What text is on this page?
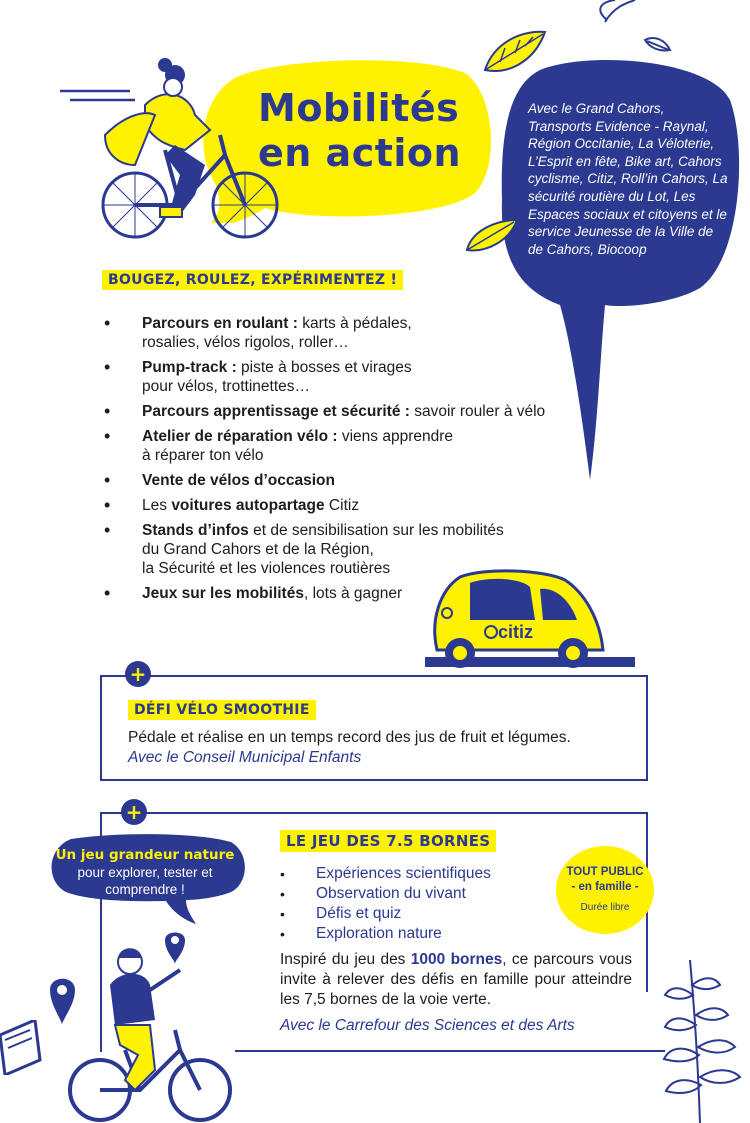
Mobilités
en action
Avec le Grand Cahors, Transports Evidence - Raynal, Région Occitanie, La Véloterie, L’Esprit en fête, Bike art, Cahors cyclisme, Citiz, Roll’in Cahors, La sécurité routière du Lot, Les Espaces sociaux et citoyens et le service Jeunesse de la Ville de de Cahors, Biocoop
BOUGEZ, ROULEZ, EXPÉRIMENTEZ !
• Parcours en roulant : karts à pédales,
rosalies, vélos rigolos, roller…
• Pump-track : piste à bosses et virages
pour vélos, trottinettes…
• Parcours apprentissage et sécurité : savoir rouler à vélo
• Atelier de réparation vélo : viens apprendre
à réparer ton vélo
• Vente de vélos d’occasion
• Les voitures autopartage Citiz
• Stands d’infos et de sensibilisation sur les mobilités
du Grand Cahors et de la Région,
la Sécurité et les violences routières
• Jeux sur les mobilités, lots à gagner
citiz
+
DÉFI VÉLO SMOOTHIE
Pédale et réalise en un temps record des jus de fruit et légumes.
Avec le Conseil Municipal Enfants
+
LE JEU DES 7.5 BORNES
Un jeu grandeur nature pour explorer, tester et comprendre !
• Expériences scientifiques
• Observation du vivant
• Défis et quiz
• Exploration nature
TOUT PUBLIC
- en famille -
Durée libre
Inspiré du jeu des 1000 bornes, ce parcours vous invite à relever des défis en famille pour atteindre les 7,5 bornes de la voie verte.
Avec le Carrefour des Sciences et des Arts
